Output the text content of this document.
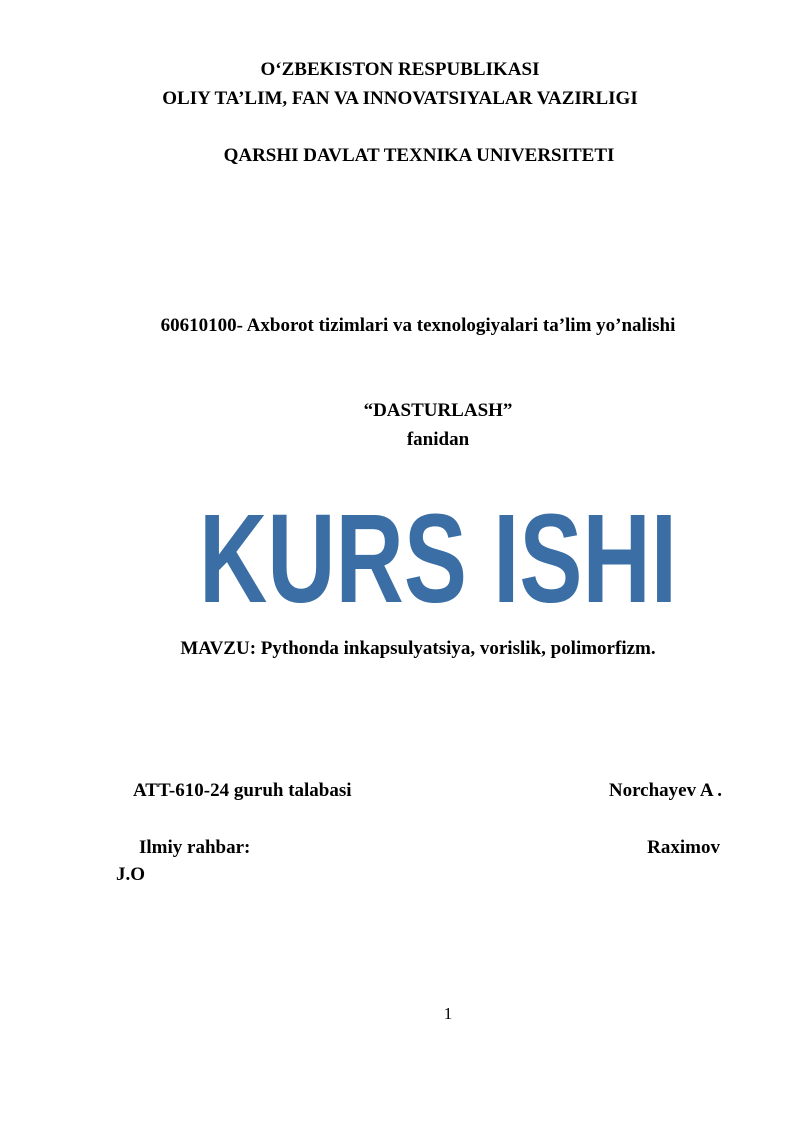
O‘ZBEKISTON RESPUBLIKASI
OLIY TA’LIM, FAN VA INNOVATSIYALAR VAZIRLIGI
QARSHI DAVLAT TEXNIKA UNIVERSITETI
60610100- Axborot tizimlari va texnologiyalari ta’lim yo’nalishi
“DASTURLASH”
fanidan
KURS ISHI
MAVZU: Pythonda inkapsulyatsiya, vorislik, polimorfizm.
ATT-610-24 guruh talabasi	Norchayev A .
Ilmiy rahbar:	Raximov
J.O
1
